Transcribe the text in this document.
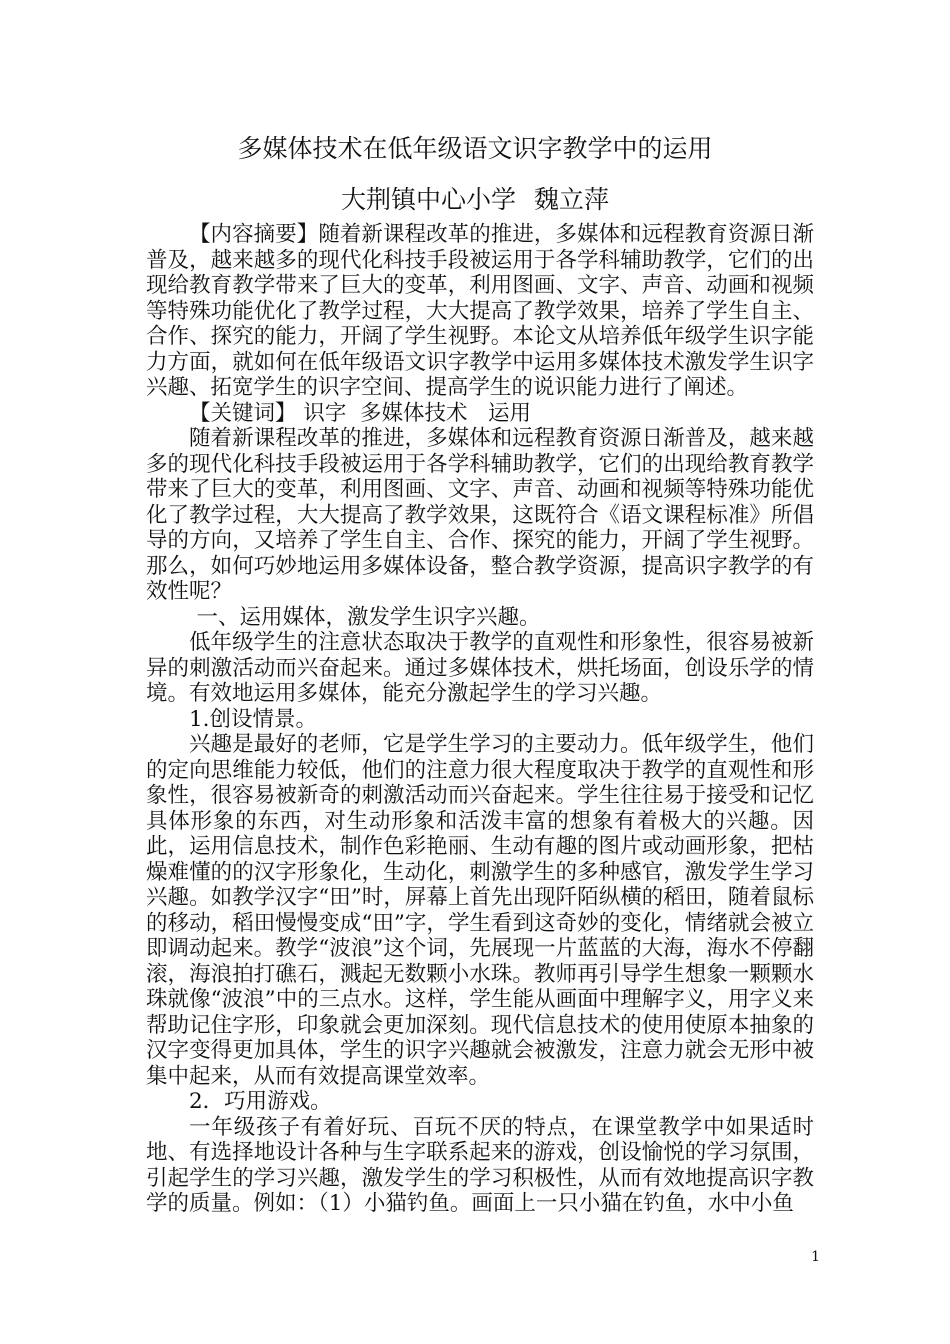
多媒体技术在低年级语文识字教学中的运用
大荆镇中心小学 魏立萍

【内容摘要】随着新课程改革的推进，多媒体和远程教育资源日渐普及，越来越多的现代化科技手段被运用于各学科辅助教学，它们的出现给教育教学带来了巨大的变革，利用图画、文字、声音、动画和视频等特殊功能优化了教学过程，大大提高了教学效果，培养了学生自主、合作、探究的能力，开阔了学生视野。本论文从培养低年级学生识字能力方面，就如何在低年级语文识字教学中运用多媒体技术激发学生识字兴趣、拓宽学生的识字空间、提高学生的说识能力进行了阐述。

【关键词】 识字  多媒体技术   运用

随着新课程改革的推进，多媒体和远程教育资源日渐普及，越来越多的现代化科技手段被运用于各学科辅助教学，它们的出现给教育教学带来了巨大的变革，利用图画、文字、声音、动画和视频等特殊功能优化了教学过程，大大提高了教学效果，这既符合《语文课程标准》所倡导的方向，又培养了学生自主、合作、探究的能力，开阔了学生视野。那么，如何巧妙地运用多媒体设备，整合教学资源，提高识字教学的有效性呢？

一、运用媒体，激发学生识字兴趣。

低年级学生的注意状态取决于教学的直观性和形象性，很容易被新异的刺激活动而兴奋起来。通过多媒体技术，烘托场面，创设乐学的情境。有效地运用多媒体，能充分激起学生的学习兴趣。

1.创设情景。

兴趣是最好的老师，它是学生学习的主要动力。低年级学生，他们的定向思维能力较低，他们的注意力很大程度取决于教学的直观性和形象性，很容易被新奇的刺激活动而兴奋起来。学生往往易于接受和记忆具体形象的东西，对生动形象和活泼丰富的想象有着极大的兴趣。因此，运用信息技术，制作色彩艳丽、生动有趣的图片或动画形象，把枯燥难懂的的汉字形象化，生动化，刺激学生的多种感官，激发学生学习兴趣。如教学汉字“田”时，屏幕上首先出现阡陌纵横的稻田，随着鼠标的移动，稻田慢慢变成“田”字，学生看到这奇妙的变化，情绪就会被立即调动起来。教学“波浪”这个词，先展现一片蓝蓝的大海，海水不停翻滚，海浪拍打礁石，溅起无数颗小水珠。教师再引导学生想象一颗颗水珠就像“波浪”中的三点水。这样，学生能从画面中理解字义，用字义来帮助记住字形，印象就会更加深刻。现代信息技术的使用使原本抽象的汉字变得更加具体，学生的识字兴趣就会被激发，注意力就会无形中被集中起来，从而有效提高课堂效率。

2．巧用游戏。

一年级孩子有着好玩、百玩不厌的特点，在课堂教学中如果适时地、有选择地设计各种与生字联系起来的游戏，创设愉悦的学习氛围，引起学生的学习兴趣，激发学生的学习积极性，从而有效地提高识字教学的质量。例如：（1）小猫钓鱼。画面上一只小猫在钓鱼，水中小鱼

1
